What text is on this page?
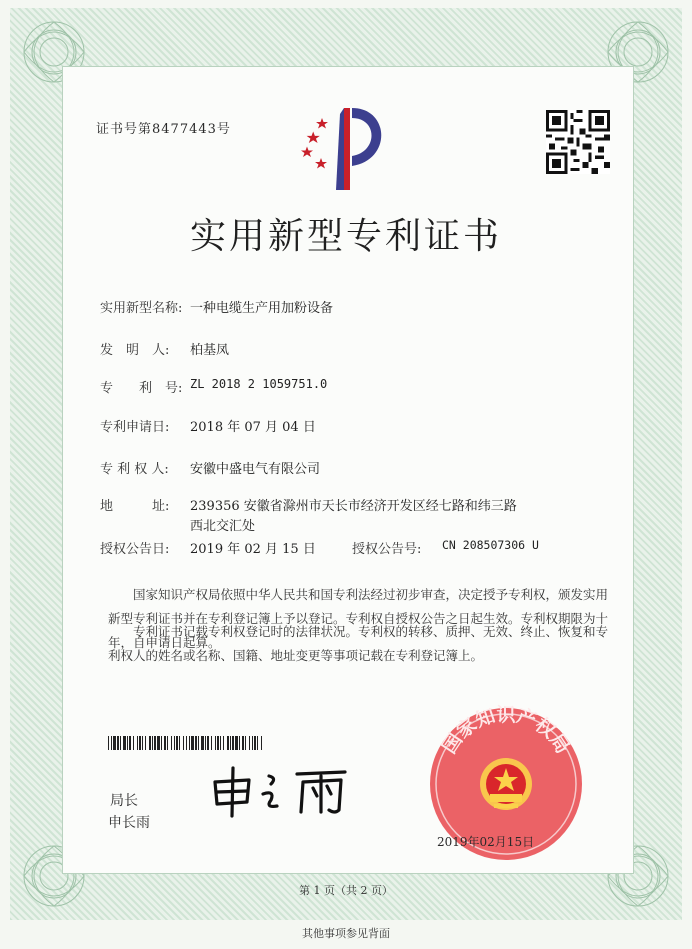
证书号第8477443号
实用新型专利证书
实用新型名称: 一种电缆生产用加粉设备
发　明　人: 柏基凤
专　　利　号: ZL 2018 2 1059751.0
专利申请日: 2018 年 07 月 04 日
专 利 权 人: 安徽中盛电气有限公司
地　　　址: 239356 安徽省滁州市天长市经济开发区经七路和纬三路
西北交汇处
授权公告日: 2019 年 02 月 15 日	授权公告号: CN 208507306 U
国家知识产权局依照中华人民共和国专利法经过初步审查，决定授予专利权，颁发实用新型专利证书并在专利登记簿上予以登记。专利权自授权公告之日起生效。专利权期限为十年，自申请日起算。
专利证书记载专利权登记时的法律状况。专利权的转移、质押、无效、终止、恢复和专利权人的姓名或名称、国籍、地址变更等事项记载在专利登记簿上。
局长
申长雨
国家知识产权局
2019年02月15日
第 1 页（共 2 页）
其他事项参见背面
